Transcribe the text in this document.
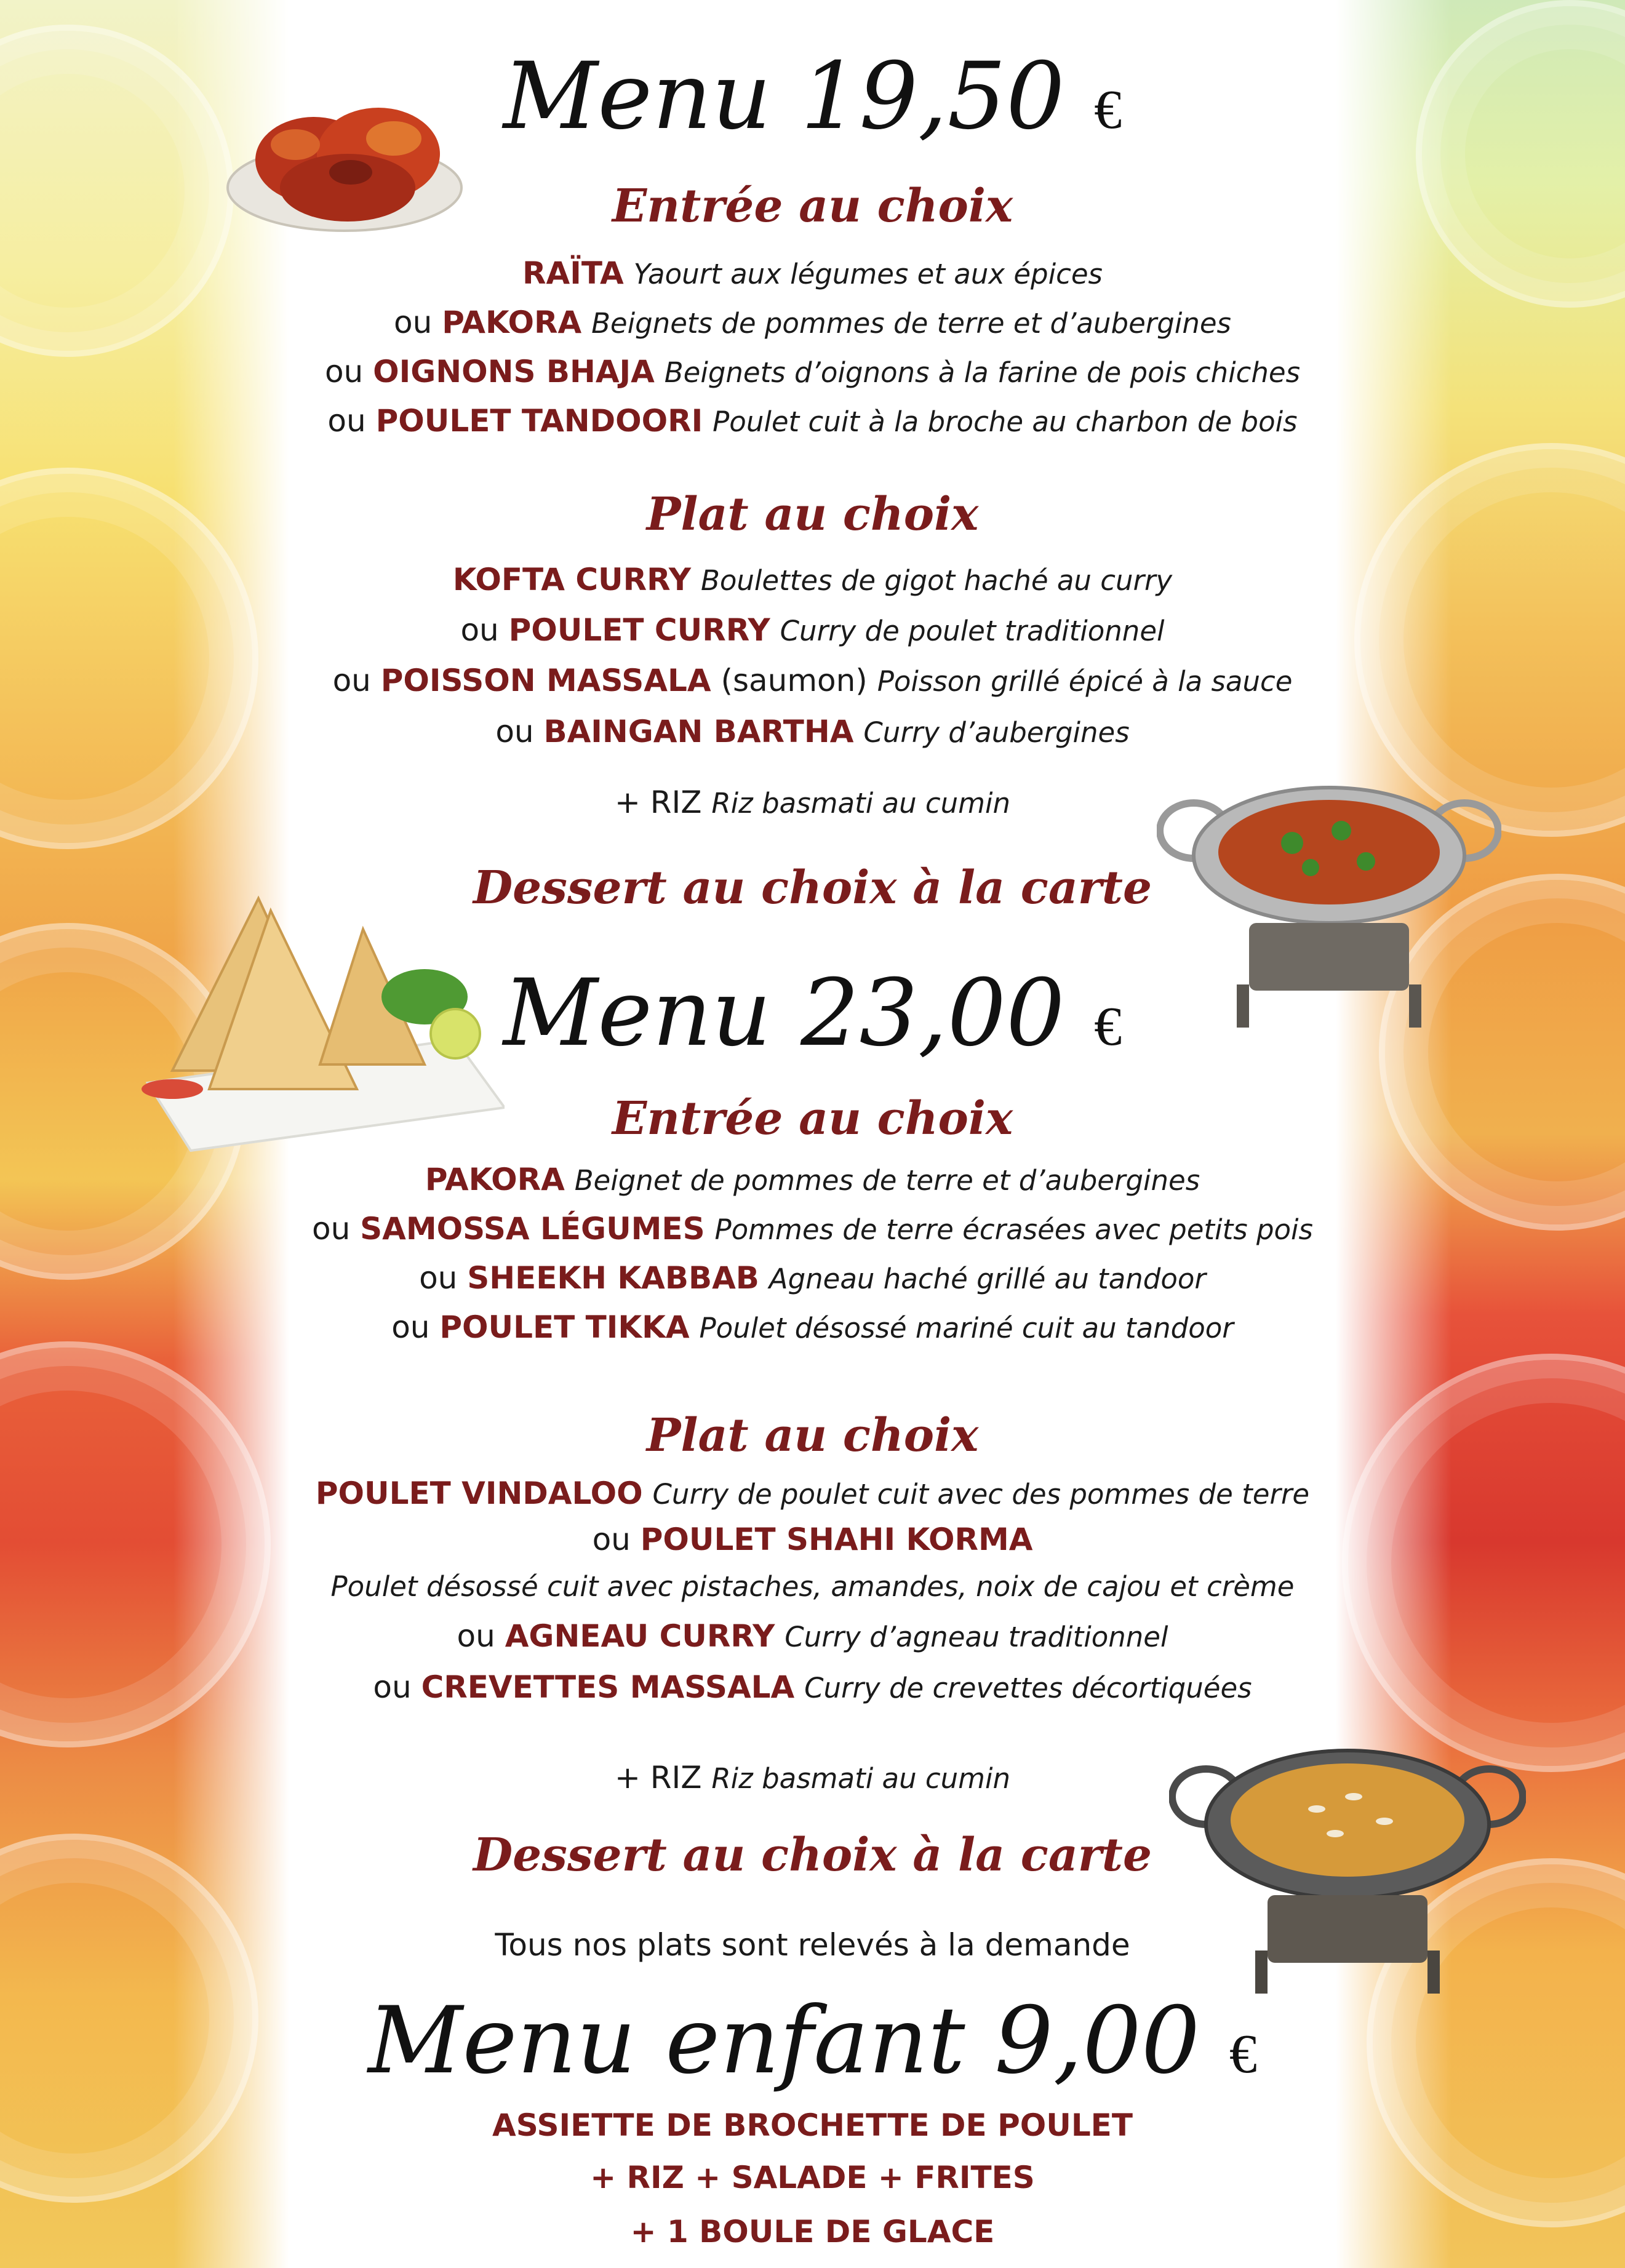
Menu 19,50 €
Entrée au choix
RAÏTA Yaourt aux légumes et aux épices
ou PAKORA Beignets de pommes de terre et d’aubergines
ou OIGNONS BHAJA Beignets d’oignons à la farine de pois chiches
ou POULET TANDOORI Poulet cuit à la broche au charbon de bois
Plat au choix
KOFTA CURRY Boulettes de gigot haché au curry
ou POULET CURRY Curry de poulet traditionnel
ou POISSON MASSALA (saumon) Poisson grillé épicé à la sauce
ou BAINGAN BARTHA Curry d’aubergines
+ RIZ Riz basmati au cumin
Dessert au choix à la carte
Menu 23,00 €
Entrée au choix
PAKORA Beignet de pommes de terre et d’aubergines
ou SAMOSSA LÉGUMES Pommes de terre écrasées avec petits pois
ou SHEEKH KABBAB Agneau haché grillé au tandoor
ou POULET TIKKA Poulet désossé mariné cuit au tandoor
Plat au choix
POULET VINDALOO Curry de poulet cuit avec des pommes de terre
ou POULET SHAHI KORMA
Poulet désossé cuit avec pistaches, amandes, noix de cajou et crème
ou AGNEAU CURRY Curry d’agneau traditionnel
ou CREVETTES MASSALA Curry de crevettes décortiquées
+ RIZ Riz basmati au cumin
Dessert au choix à la carte
Tous nos plats sont relevés à la demande
Menu enfant 9,00 €
ASSIETTE DE BROCHETTE DE POULET
+ RIZ + SALADE + FRITES
+ 1 BOULE DE GLACE
